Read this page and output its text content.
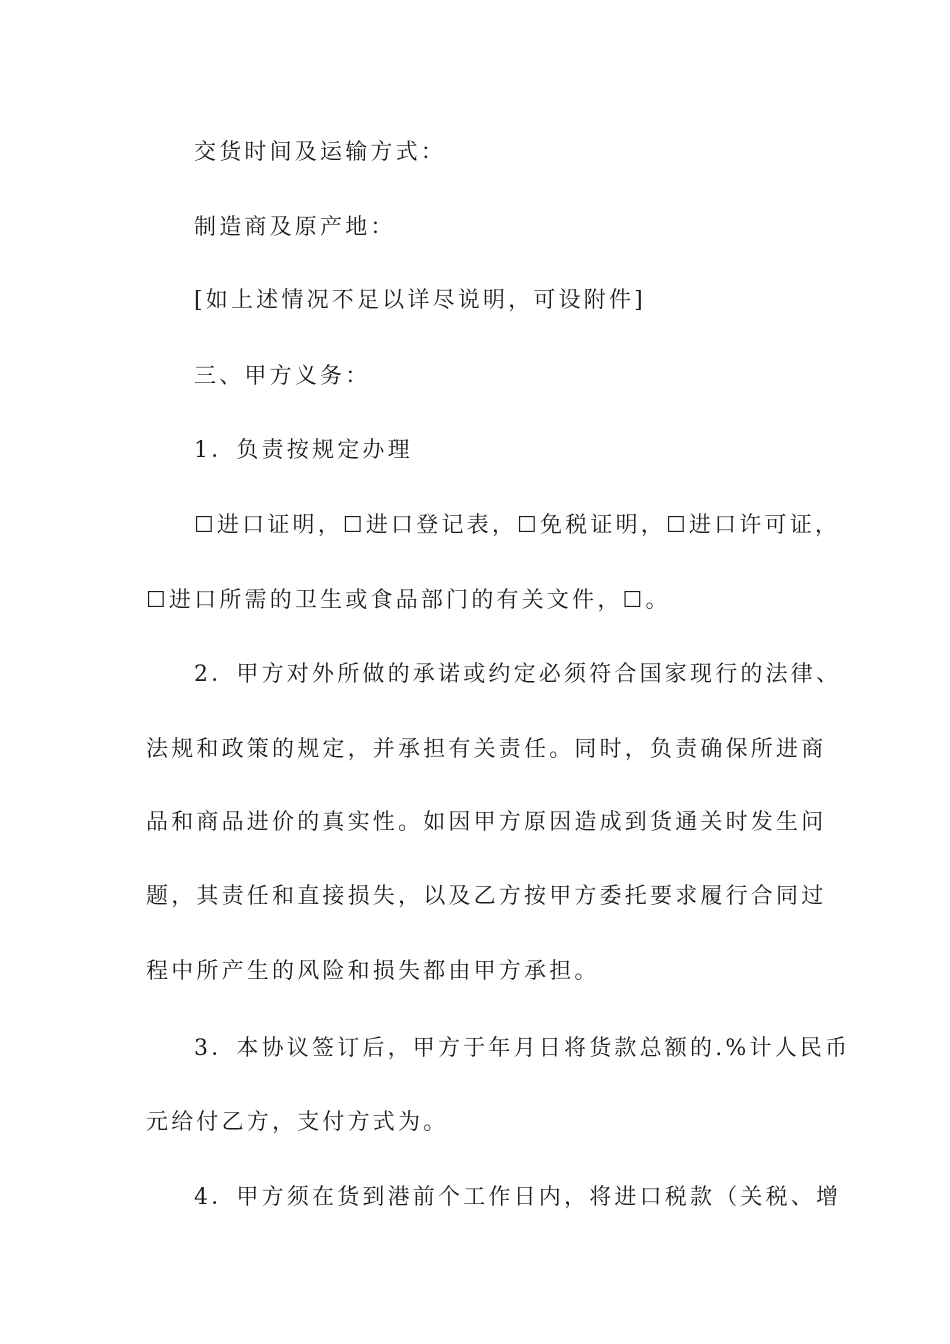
交货时间及运输方式：
制造商及原产地：
[如上述情况不足以详尽说明，可设附件]
三、甲方义务：
1．负责按规定办理
☐进口证明，☐进口登记表，☐免税证明，☐进口许可证，
☐进口所需的卫生或食品部门的有关文件，☐。
2．甲方对外所做的承诺或约定必须符合国家现行的法律、
法规和政策的规定，并承担有关责任。同时，负责确保所进商
品和商品进价的真实性。如因甲方原因造成到货通关时发生问
题，其责任和直接损失，以及乙方按甲方委托要求履行合同过
程中所产生的风险和损失都由甲方承担。
3．本协议签订后，甲方于年月日将货款总额的.%计人民币
元给付乙方，支付方式为。
4．甲方须在货到港前个工作日内，将进口税款（关税、增
